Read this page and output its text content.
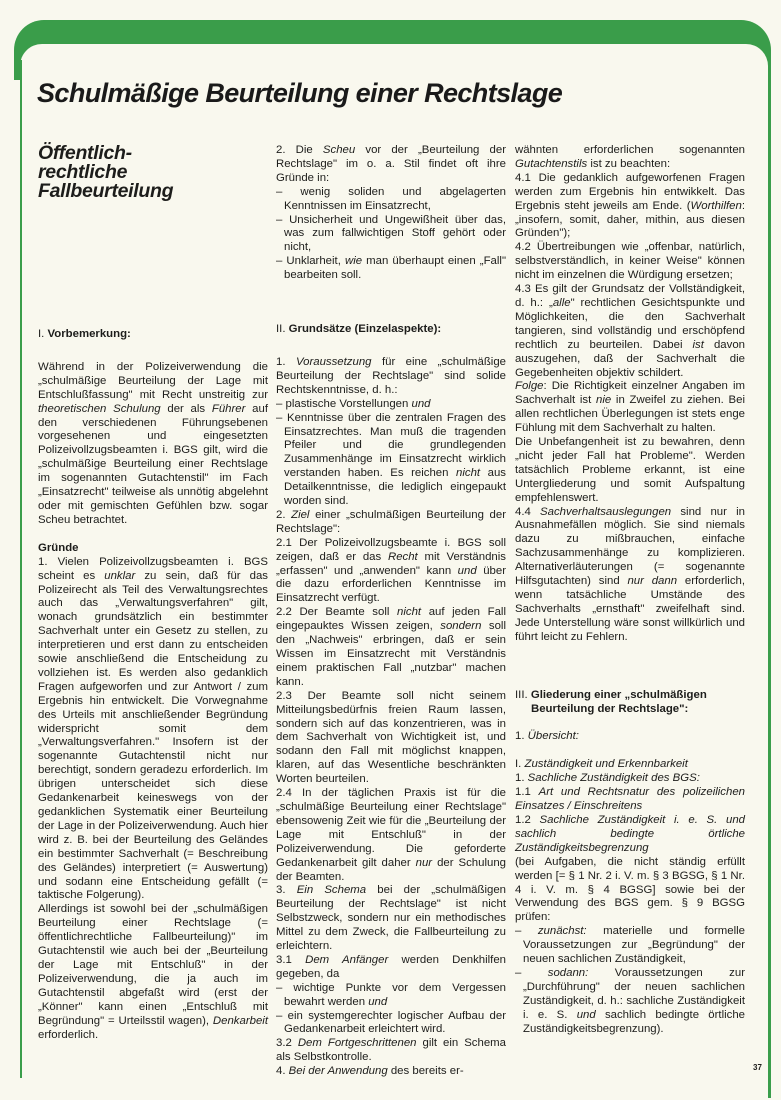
Schulmäßige Beurteilung einer Rechtslage
Öffentlich-
rechtliche
Fallbeurteilung

I. Vorbemerkung:

Während in der Polizeiverwendung die „schulmäßige Beurteilung der Lage mit Entschlußfassung" mit Recht unstreitig zur theoretischen Schulung der als Führer auf den verschiedenen Führungsebenen vorgesehenen und eingesetzten Polizeivollzugsbeamten i. BGS gilt, wird die „schulmäßige Beurteilung einer Rechtslage im sogenannten Gutachtenstil" im Fach „Einsatzrecht" teilweise als unnötig abgelehnt oder mit gemischten Gefühlen bzw. sogar Scheu betrachtet.

Gründe

1. Vielen Polizeivollzugsbeamten i. BGS scheint es unklar zu sein, daß für das Polizeirecht als Teil des Verwaltungsrechtes auch das „Verwaltungsverfahren" gilt, wonach grundsätzlich ein bestimmter Sachverhalt unter ein Gesetz zu stellen, zu interpretieren und erst dann zu entscheiden sowie anschließend die Entscheidung zu vollziehen ist. Es werden also gedanklich Fragen aufgeworfen und zur Antwort / zum Ergebnis hin entwickelt. Die Vorwegnahme des Urteils mit anschließender Begründung widerspricht somit dem „Verwaltungsverfahren." Insofern ist der sogenannte Gutachtenstil nicht nur berechtigt, sondern geradezu erforderlich. Im übrigen unterscheidet sich diese Gedankenarbeit keineswegs von der gedanklichen Systematik einer Beurteilung der Lage in der Polizeiverwendung. Auch hier wird z. B. bei der Beurteilung des Geländes ein bestimmter Sachverhalt (= Beschreibung des Geländes) interpretiert (= Auswertung) und sodann eine Entscheidung gefällt (= taktische Folgerung).

Allerdings ist sowohl bei der „schulmäßigen Beurteilung einer Rechtslage (= öffentlichrechtliche Fallbeurteilung)" im Gutachtenstil wie auch bei der „Beurteilung der Lage mit Entschluß" in der Polizeiverwendung, die ja auch im Gutachtenstil abgefaßt wird (erst der „Könner" kann einen „Entschluß mit Begründung" = Urteilsstil wagen), Denkarbeit erforderlich.

2. Die Scheu vor der „Beurteilung der Rechtslage" im o. a. Stil findet oft ihre Gründe in:

– wenig soliden und abgelagerten Kenntnissen im Einsatzrecht,

– Unsicherheit und Ungewißheit über das, was zum fallwichtigen Stoff gehört oder nicht,

– Unklarheit, wie man überhaupt einen „Fall" bearbeiten soll.

II. Grundsätze (Einzelaspekte):

1. Voraussetzung für eine „schulmäßige Beurteilung der Rechtslage" sind solide Rechtskenntnisse, d. h.:

– plastische Vorstellungen und

– Kenntnisse über die zentralen Fragen des Einsatzrechtes. Man muß die tragenden Pfeiler und die grundlegenden Zusammenhänge im Einsatzrecht wirklich verstanden haben. Es reichen nicht aus Detailkenntnisse, die lediglich eingepaukt worden sind.

2. Ziel einer „schulmäßigen Beurteilung der Rechtslage":

2.1 Der Polizeivollzugsbeamte i. BGS soll zeigen, daß er das Recht mit Verständnis „erfassen" und „anwenden" kann und über die dazu erforderlichen Kenntnisse im Einsatzrecht verfügt.

2.2 Der Beamte soll nicht auf jeden Fall eingepauktes Wissen zeigen, sondern soll den „Nachweis" erbringen, daß er sein Wissen im Einsatzrecht mit Verständnis einem praktischen Fall „nutzbar" machen kann.

2.3 Der Beamte soll nicht seinem Mitteilungsbedürfnis freien Raum lassen, sondern sich auf das konzentrieren, was in dem Sachverhalt von Wichtigkeit ist, und sodann den Fall mit möglichst knappen, klaren, auf das Wesentliche beschränkten Worten beurteilen.

2.4 In der täglichen Praxis ist für die „schulmäßige Beurteilung einer Rechtslage" ebensowenig Zeit wie für die „Beurteilung der Lage mit Entschluß" in der Polizeiverwendung. Die geforderte Gedankenarbeit gilt daher nur der Schulung der Beamten.

3. Ein Schema bei der „schulmäßigen Beurteilung der Rechtslage" ist nicht Selbstzweck, sondern nur ein methodisches Mittel zu dem Zweck, die Fallbeurteilung zu erleichtern.

3.1 Dem Anfänger werden Denkhilfen gegeben, da

– wichtige Punkte vor dem Vergessen bewahrt werden und

– ein systemgerechter logischer Aufbau der Gedankenarbeit erleichtert wird.

3.2 Dem Fortgeschrittenen gilt ein Schema als Selbstkontrolle.

4. Bei der Anwendung des bereits er-

wähnten erforderlichen sogenannten Gutachtenstils ist zu beachten:

4.1 Die gedanklich aufgeworfenen Fragen werden zum Ergebnis hin entwikkelt. Das Ergebnis steht jeweils am Ende. (Worthilfen: „insofern, somit, daher, mithin, aus diesen Gründen");

4.2 Übertreibungen wie „offenbar, natürlich, selbstverständlich, in keiner Weise" können nicht im einzelnen die Würdigung ersetzen;

4.3 Es gilt der Grundsatz der Vollständigkeit, d. h.: „alle" rechtlichen Gesichtspunkte und Möglichkeiten, die den Sachverhalt tangieren, sind vollständig und erschöpfend rechtlich zu beurteilen. Dabei ist davon auszugehen, daß der Sachverhalt die Gegebenheiten objektiv schildert.

Folge: Die Richtigkeit einzelner Angaben im Sachverhalt ist nie in Zweifel zu ziehen. Bei allen rechtlichen Überlegungen ist stets enge Fühlung mit dem Sachverhalt zu halten.

Die Unbefangenheit ist zu bewahren, denn „nicht jeder Fall hat Probleme". Werden tatsächlich Probleme erkannt, ist eine Untergliederung und somit Aufspaltung empfehlenswert.

4.4 Sachverhaltsauslegungen sind nur in Ausnahmefällen möglich. Sie sind niemals dazu zu mißbrauchen, einfache Sachzusammenhänge zu komplizieren. Alternativerläuterungen (= sogenannte Hilfsgutachten) sind nur dann erforderlich, wenn tatsächliche Umstände des Sachverhalts „ernsthaft" zweifelhaft sind. Jede Unterstellung wäre sonst willkürlich und führt leicht zu Fehlern.

III. Gliederung einer „schulmäßigen
Beurteilung der Rechtslage":

1. Übersicht:

I. Zuständigkeit und Erkennbarkeit

1. Sachliche Zuständigkeit des BGS:

1.1 Art und Rechtsnatur des polizeilichen Einsatzes / Einschreitens

1.2 Sachliche Zuständigkeit i. e. S. und sachlich bedingte örtliche Zuständigkeitsbegrenzung

(bei Aufgaben, die nicht ständig erfüllt werden [= § 1 Nr. 2 i. V. m. § 3 BGSG, § 1 Nr. 4 i. V. m. § 4 BGSG] sowie bei der Verwendung des BGS gem. § 9 BGSG prüfen:

– zunächst: materielle und formelle Voraussetzungen zur „Begründung" der neuen sachlichen Zuständigkeit,

– sodann: Voraussetzungen zur „Durchführung" der neuen sachlichen Zuständigkeit, d. h.: sachliche Zuständigkeit i. e. S. und sachlich bedingte örtliche Zuständigkeitsbegrenzung).

37
